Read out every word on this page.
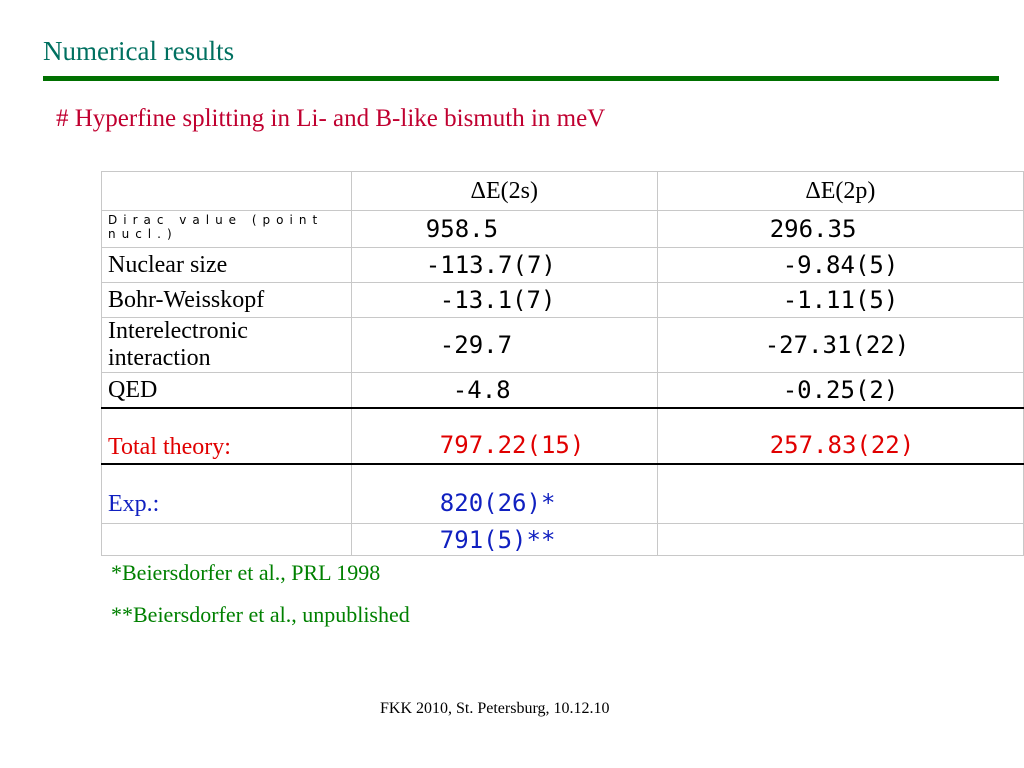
Numerical results
# Hyperfine splitting in Li- and B-like bismuth in meV
	ΔE(2s)	ΔE(2p)
Dirac value (point nucl.)	958.5	296.35
Nuclear size	-113.7(7)	-9.84(5)
Bohr-Weisskopf	-13.1(7)	-1.11(5)
Interelectronic interaction	-29.7	-27.31(22)
QED	-4.8	-0.25(2)
Total theory:	797.22(15)	257.83(22)
Exp.:	820(26)*	
	791(5)**	
*Beiersdorfer et al., PRL 1998
**Beiersdorfer et al., unpublished
FKK 2010, St. Petersburg, 10.12.10
